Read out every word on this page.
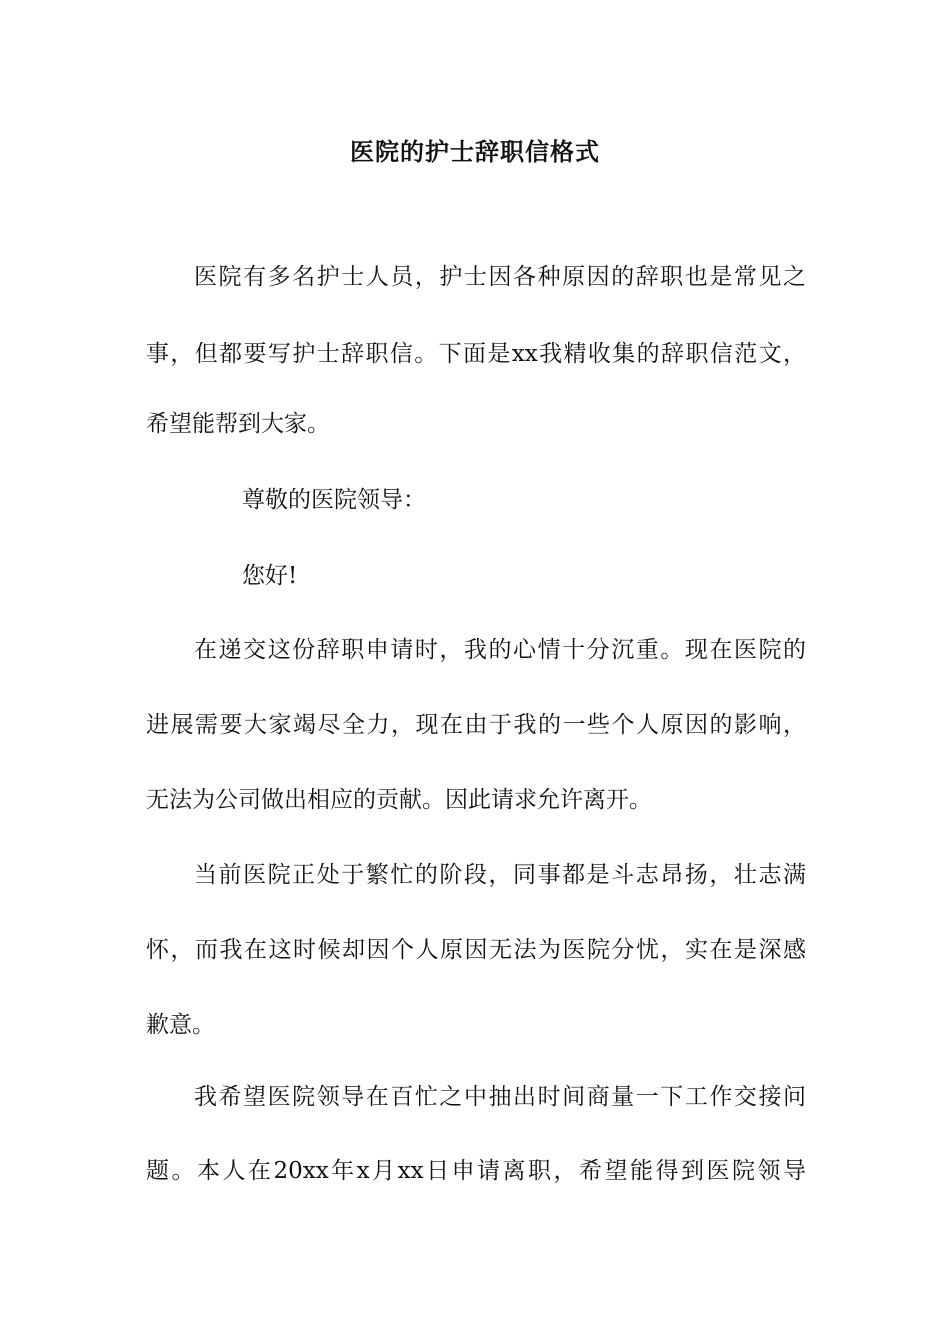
医院的护士辞职信格式

医院有多名护士人员，护士因各种原因的辞职也是常见之

事，但都要写护士辞职信。下面是xx我精收集的辞职信范文，

希望能帮到大家。

尊敬的医院领导：

您好!

在递交这份辞职申请时，我的心情十分沉重。现在医院的

进展需要大家竭尽全力，现在由于我的一些个人原因的影响，

无法为公司做出相应的贡献。因此请求允许离开。

当前医院正处于繁忙的阶段，同事都是斗志昂扬，壮志满

怀，而我在这时候却因个人原因无法为医院分忧，实在是深感

歉意。

我希望医院领导在百忙之中抽出时间商量一下工作交接问

题。本人在20xx年x月xx日申请离职，希望能得到医院领导
